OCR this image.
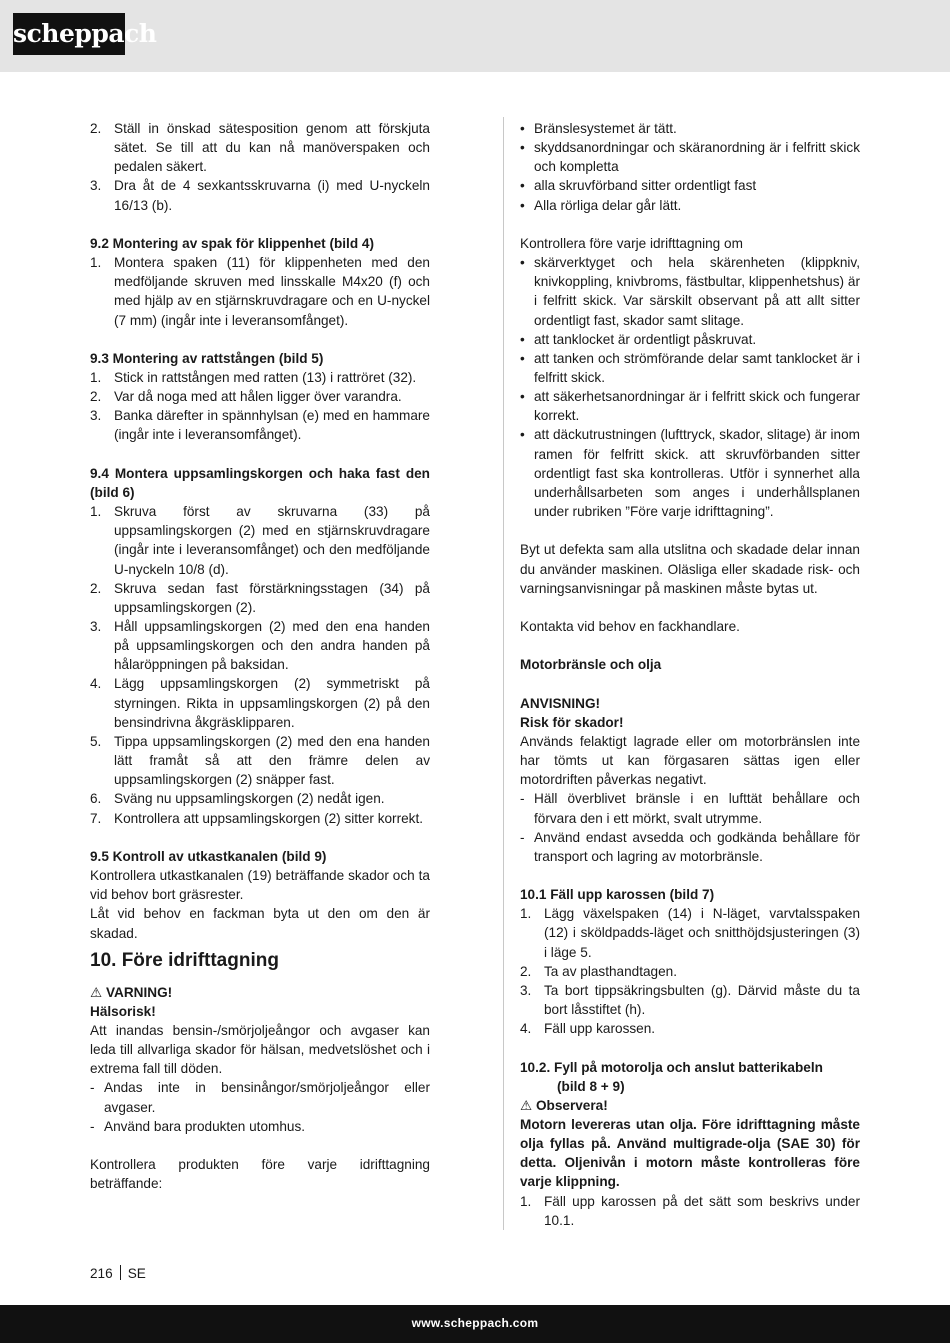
scheppach
2. Ställ in önskad sätesposition genom att förskjuta sätet. Se till att du kan nå manöverspaken och pedalen säkert.
3. Dra åt de 4 sexkantsskruvarna (i) med U-nyckeln 16/13 (b).

9.2 Montering av spak för klippenhet (bild 4)

1. Montera spaken (11) för klippenheten med den medföljande skruven med linsskalle M4x20 (f) och med hjälp av en stjärnskruvdragare och en U-nyckel (7 mm) (ingår inte i leveransomfånget).

9.3 Montering av rattstången (bild 5)

1. Stick in rattstången med ratten (13) i rattröret (32).
2. Var då noga med att hålen ligger över varandra.
3. Banka därefter in spännhylsan (e) med en hammare (ingår inte i leveransomfånget).

9.4 Montera uppsamlingskorgen och haka fast den (bild 6)

1. Skruva först av skruvarna (33) på uppsamlingskorgen (2) med en stjärnskruvdragare (ingår inte i leveransomfånget) och den medföljande U-nyckeln 10/8 (d).
2. Skruva sedan fast förstärkningsstagen (34) på uppsamlingskorgen (2).
3. Håll uppsamlingskorgen (2) med den ena handen på uppsamlingskorgen och den andra handen på hålaröppningen på baksidan.
4. Lägg uppsamlingskorgen (2) symmetriskt på styrningen. Rikta in uppsamlingskorgen (2) på den bensindrivna åkgräsklipparen.
5. Tippa uppsamlingskorgen (2) med den ena handen lätt framåt så att den främre delen av uppsamlingskorgen (2) snäpper fast.
6. Sväng nu uppsamlingskorgen (2) nedåt igen.
7. Kontrollera att uppsamlingskorgen (2) sitter korrekt.

9.5 Kontroll av utkastkanalen (bild 9)

Kontrollera utkastkanalen (19) beträffande skador och ta vid behov bort gräsrester.

Låt vid behov en fackman byta ut den om den är skadad.

10. Före idrifttagning

⚠ VARNING!

Hälsorisk!

Att inandas bensin-/smörjoljeångor och avgaser kan leda till allvarliga skador för hälsan, medvetslöshet och i extrema fall till döden.

- Andas inte in bensinångor/smörjoljeångor eller avgaser.
- Använd bara produkten utomhus.

Kontrollera produkten före varje idrifttagning beträffande:

• Bränslesystemet är tätt.
• skyddsanordningar och skäranordning är i felfritt skick och kompletta
• alla skruvförband sitter ordentligt fast
• Alla rörliga delar går lätt.

Kontrollera före varje idrifttagning om

• skärverktyget och hela skärenheten (klippkniv, knivkoppling, knivbroms, fästbultar, klippenhetshus) är i felfritt skick. Var särskilt observant på att allt sitter ordentligt fast, skador samt slitage.
• att tanklocket är ordentligt påskruvat.
• att tanken och strömförande delar samt tanklocket är i felfritt skick.
• att säkerhetsanordningar är i felfritt skick och fungerar korrekt.
• att däckutrustningen (lufttryck, skador, slitage) är inom ramen för felfritt skick. att skruvförbanden sitter ordentligt fast ska kontrolleras. Utför i synnerhet alla underhållsarbeten som anges i underhållsplanen under rubriken ”Före varje idrifttagning”.

Byt ut defekta sam alla utslitna och skadade delar innan du använder maskinen. Oläsliga eller skadade risk- och varningsanvisningar på maskinen måste bytas ut.

Kontakta vid behov en fackhandlare.

Motorbränsle och olja

ANVISNING!

Risk för skador!

Används felaktigt lagrade eller om motorbränslen inte har tömts ut kan förgasaren sättas igen eller motordriften påverkas negativt.

- Häll överblivet bränsle i en lufttät behållare och förvara den i ett mörkt, svalt utrymme.
- Använd endast avsedda och godkända behållare för transport och lagring av motorbränsle.

10.1 Fäll upp karossen (bild 7)

1. Lägg växelspaken (14) i N-läget, varvtalsspaken (12) i sköldpadds-läget och snitthöjdsjusteringen (3) i läge 5.
2. Ta av plasthandtagen.
3. Ta bort tippsäkringsbulten (g). Därvid måste du ta bort låsstiftet (h).
4. Fäll upp karossen.

10.2. Fyll på motorolja och anslut batterikabeln

(bild 8 + 9)

⚠ Observera!

Motorn levereras utan olja. Före idrifttagning måste olja fyllas på. Använd multigrade-olja (SAE 30) för detta. Oljenivån i motorn måste kontrolleras före varje klippning.

1. Fäll upp karossen på det sätt som beskrivs under 10.1.
216 SE
www.scheppach.com
